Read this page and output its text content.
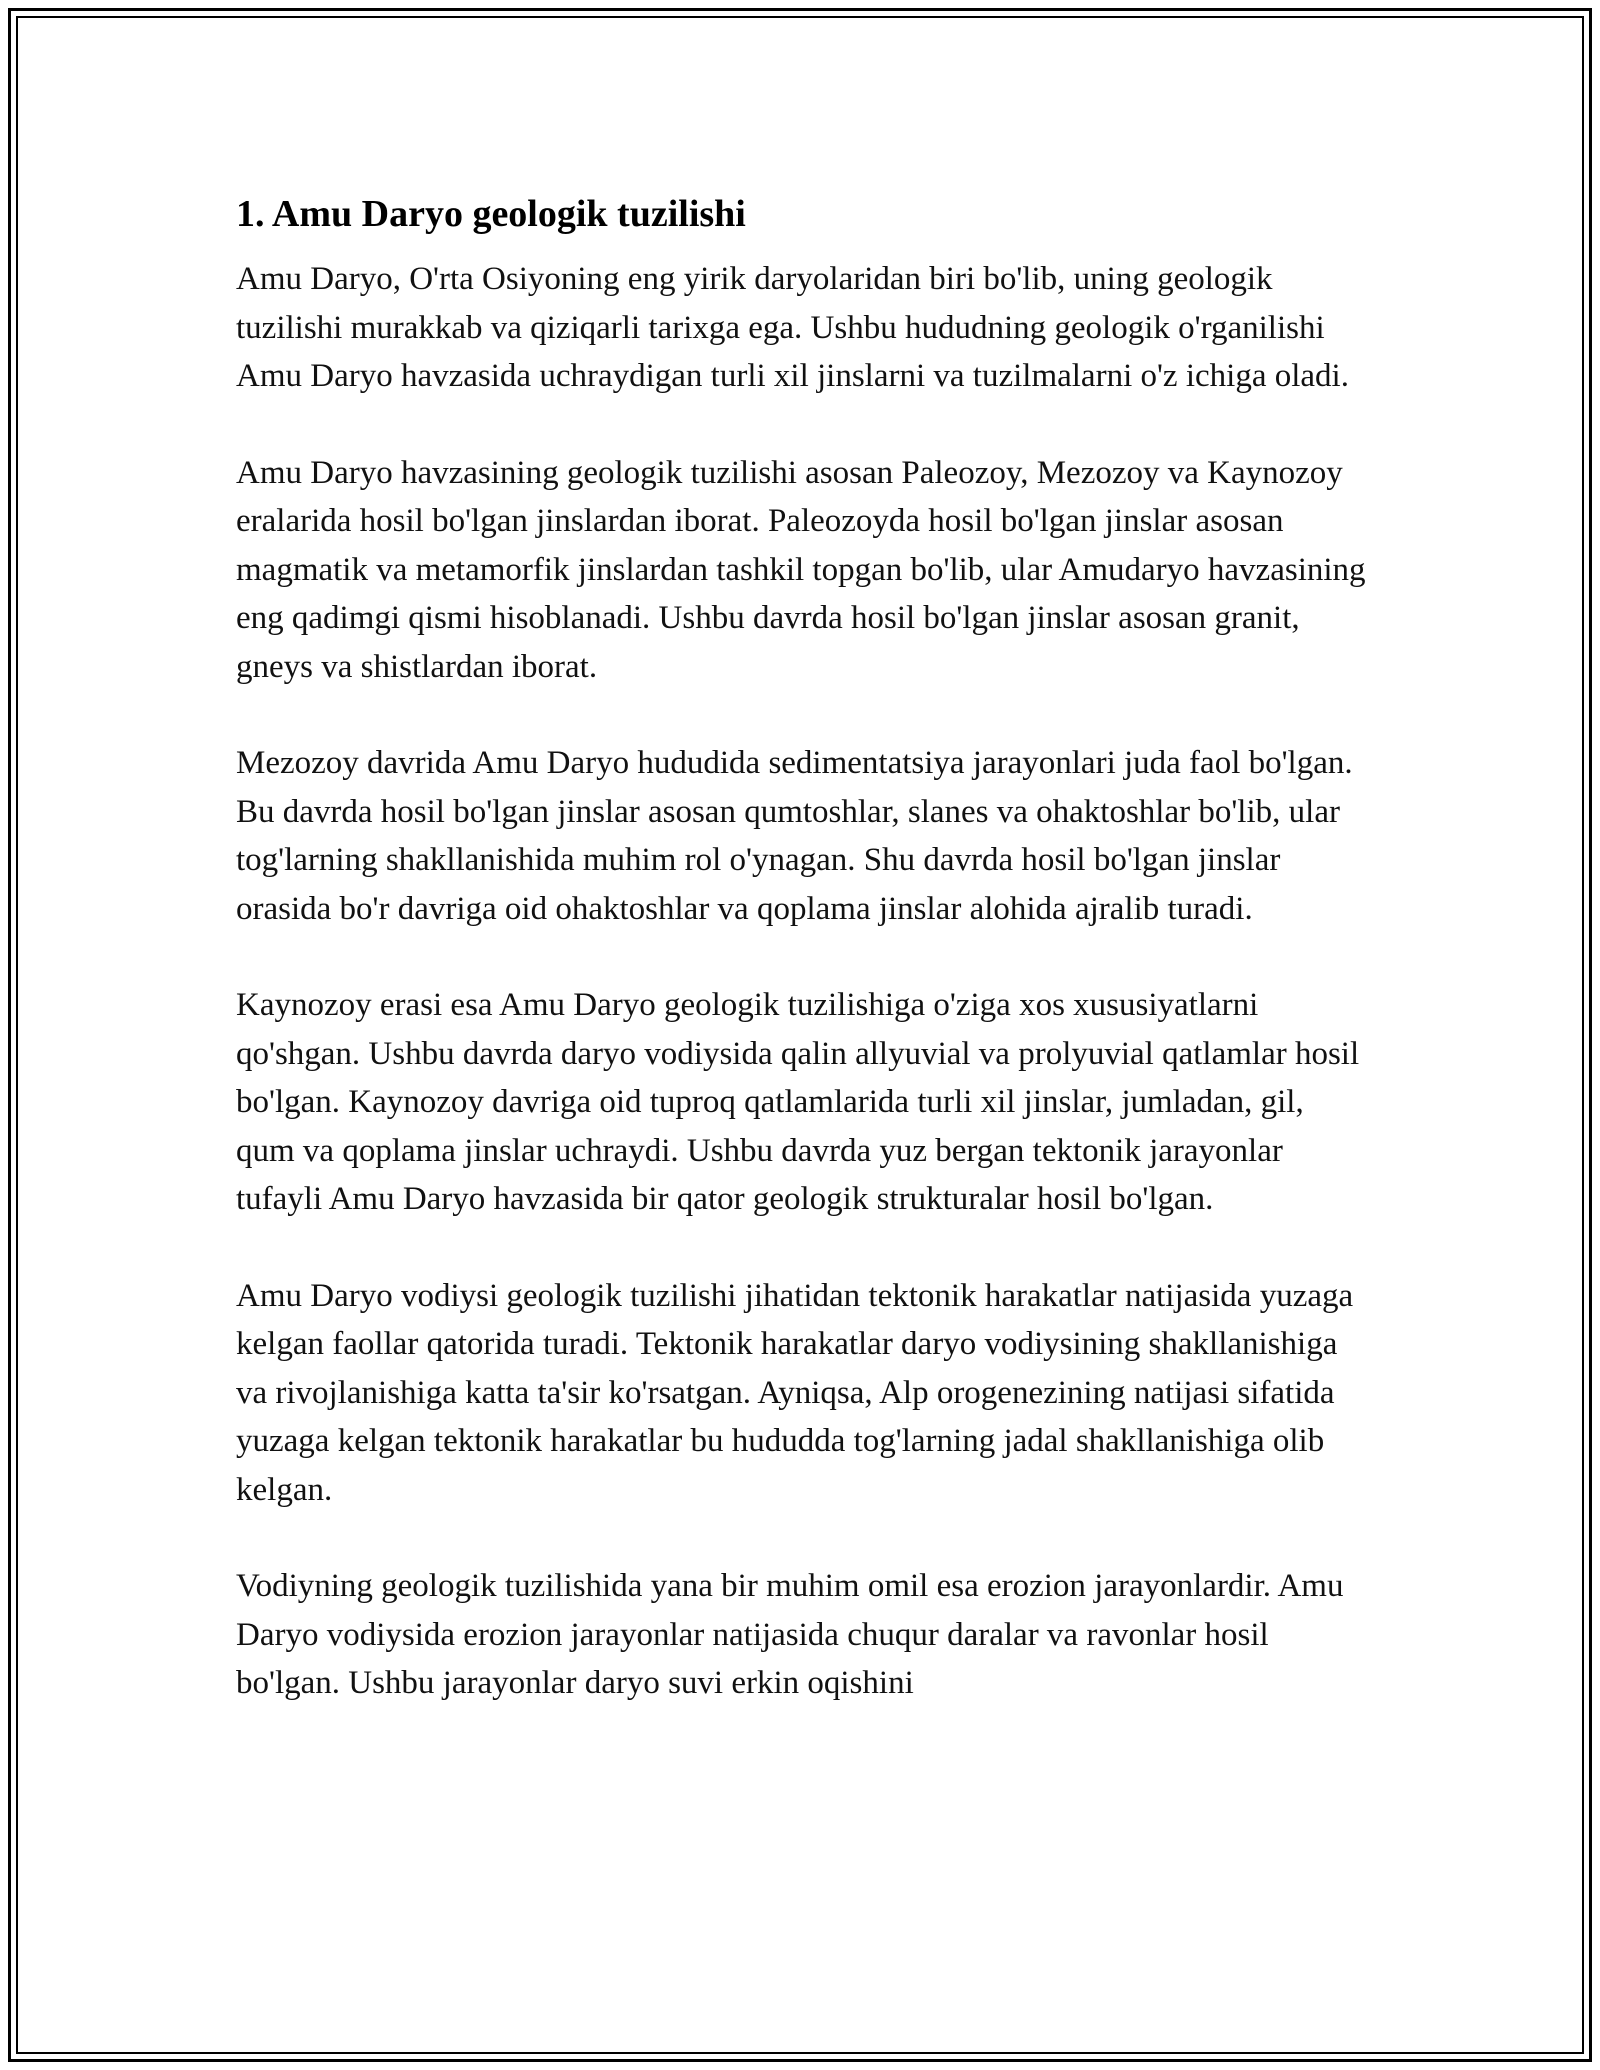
1. Amu Daryo geologik tuzilishi

Amu Daryo, O'rta Osiyoning eng yirik daryolaridan biri bo'lib, uning geologik tuzilishi murakkab va qiziqarli tarixga ega. Ushbu hududning geologik o'rganilishi Amu Daryo havzasida uchraydigan turli xil jinslarni va tuzilmalarni o'z ichiga oladi.

Amu Daryo havzasining geologik tuzilishi asosan Paleozoy, Mezozoy va Kaynozoy eralarida hosil bo'lgan jinslardan iborat. Paleozoyda hosil bo'lgan jinslar asosan magmatik va metamorfik jinslardan tashkil topgan bo'lib, ular Amudaryo havzasining eng qadimgi qismi hisoblanadi. Ushbu davrda hosil bo'lgan jinslar asosan granit, gneys va shistlardan iborat.

Mezozoy davrida Amu Daryo hududida sedimentatsiya jarayonlari juda faol bo'lgan. Bu davrda hosil bo'lgan jinslar asosan qumtoshlar, slanes va ohaktoshlar bo'lib, ular tog'larning shakllanishida muhim rol o'ynagan. Shu davrda hosil bo'lgan jinslar orasida bo'r davriga oid ohaktoshlar va qoplama jinslar alohida ajralib turadi.

Kaynozoy erasi esa Amu Daryo geologik tuzilishiga o'ziga xos xususiyatlarni qo'shgan. Ushbu davrda daryo vodiysida qalin allyuvial va prolyuvial qatlamlar hosil bo'lgan. Kaynozoy davriga oid tuproq qatlamlarida turli xil jinslar, jumladan, gil, qum va qoplama jinslar uchraydi. Ushbu davrda yuz bergan tektonik jarayonlar tufayli Amu Daryo havzasida bir qator geologik strukturalar hosil bo'lgan.

Amu Daryo vodiysi geologik tuzilishi jihatidan tektonik harakatlar natijasida yuzaga kelgan faollar qatorida turadi. Tektonik harakatlar daryo vodiysining shakllanishiga va rivojlanishiga katta ta'sir ko'rsatgan. Ayniqsa, Alp orogenezining natijasi sifatida yuzaga kelgan tektonik harakatlar bu hududda tog'larning jadal shakllanishiga olib kelgan.

Vodiyning geologik tuzilishida yana bir muhim omil esa erozion jarayonlardir. Amu Daryo vodiysida erozion jarayonlar natijasida chuqur daralar va ravonlar hosil bo'lgan. Ushbu jarayonlar daryo suvi erkin oqishini
